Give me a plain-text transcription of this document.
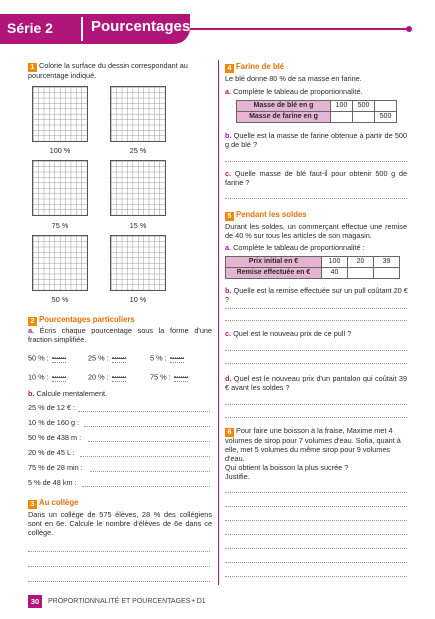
Série 2	Pourcentages
1 Colorie la surface du dessin correspondant au pourcentage indiqué.
100 %	25 %
75 %	15 %
50 %	10 %
2 Pourcentages particuliers
a. Écris chaque pourcentage sous la forme d'une fraction simplifiée.
50 % :	25 % :	5 % :
10 % :	20 % :	75 % :
b. Calcule mentalement.
25 % de 12 € :
10 % de 160 g :
50 % de 438 m :
20 % de 45 L :
75 % de 28 min :
5 % de 48 km :
3 Au collège
Dans un collège de 575 élèves, 28 % des collégiens sont en 6e. Calcule le nombre d'élèves de 6e dans ce collège.
4 Farine de blé
Le blé donne 80 % de sa masse en farine.
a. Complète le tableau de proportionnalité.
Masse de blé en g	100	500	
Masse de farine en g			500
b. Quelle est la masse de farine obtenue à partir de 500 g de blé ?
c. Quelle masse de blé faut-il pour obtenir 500 g de farine ?
5 Pendant les soldes
Durant les soldes, un commerçant effectue une remise de 40 % sur tous les articles de son magasin.
a. Complète le tableau de proportionnalité :
Prix initial en €	100	20	39
Remise effectuée en €	40		
b. Quelle est la remise effectuée sur un pull coûtant 20 € ?
c. Quel est le nouveau prix de ce pull ?
d. Quel est le nouveau prix d'un pantalon qui coûtait 39 € avant les soldes ?
6 Pour faire une boisson à la fraise, Maxime met 4 volumes de sirop pour 7 volumes d'eau. Sofia, quant à elle, met 5 volumes du même sirop pour 9 volumes d'eau.
Qui obtient la boisson la plus sucrée ?
Justifie.
30	PROPORTIONNALITÉ ET POURCENTAGES • D1
